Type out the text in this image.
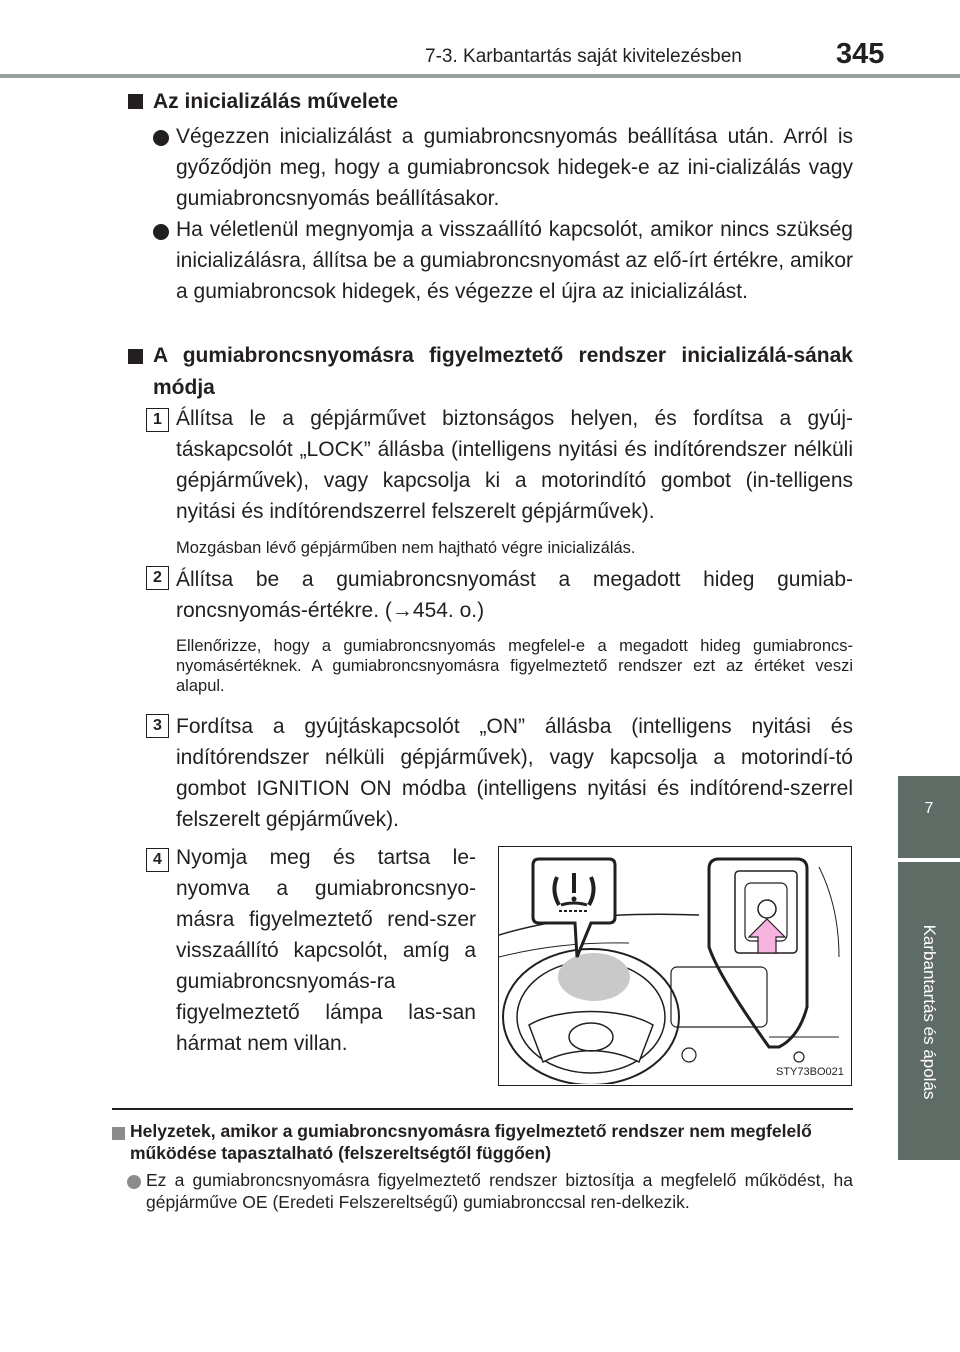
7-3. Karbantartás saját kivitelezésben	345
7
Karbantartás és ápolás
Az inicializálás művelete
Végezzen inicializálást a gumiabroncsnyomás beállítása után. Arról is győződjön meg, hogy a gumiabroncsok hidegek-e az ini-cializálás vagy gumiabroncsnyomás beállításakor.
Ha véletlenül megnyomja a visszaállító kapcsolót, amikor nincs szükség inicializálásra, állítsa be a gumiabroncsnyomást az elő-írt értékre, amikor a gumiabroncsok hidegek, és végezze el újra az inicializálást.
A gumiabroncsnyomásra figyelmeztető rendszer inicializálá-sának módja
1 Állítsa le a gépjárművet biztonságos helyen, és fordítsa a gyúj-táskapcsolót „LOCK” állásba (intelligens nyitási és indítórendszer nélküli gépjárművek), vagy kapcsolja ki a motorindító gombot (in-telligens nyitási és indítórendszerrel felszerelt gépjárművek).
Mozgásban lévő gépjárműben nem hajtható végre inicializálás.
2 Állítsa be a gumiabroncsnyomást a megadott hideg gumiab-roncsnyomás-értékre. (→454. o.)
Ellenőrizze, hogy a gumiabroncsnyomás megfelel-e a megadott hideg gumiabroncs-nyomásértéknek. A gumiabroncsnyomásra figyelmeztető rendszer ezt az értéket veszi alapul.
3 Fordítsa a gyújtáskapcsolót „ON” állásba (intelligens nyitási és indítórendszer nélküli gépjárművek), vagy kapcsolja a motorindí-tó gombot IGNITION ON módba (intelligens nyitási és indítórend-szerrel felszerelt gépjárművek).
4 Nyomja meg és tartsa le-nyomva a gumiabroncsnyo-másra figyelmeztető rend-szer visszaállító kapcsolót, amíg a gumiabroncsnyomás-ra figyelmeztető lámpa las-san hármat nem villan.
STY73BO021
Helyzetek, amikor a gumiabroncsnyomásra figyelmeztető rendszer nem megfelelő működése tapasztalható (felszereltségtől függően)
Ez a gumiabroncsnyomásra figyelmeztető rendszer biztosítja a megfelelő működést, ha gépjárműve OE (Eredeti Felszereltségű) gumiabronccsal ren-delkezik.
